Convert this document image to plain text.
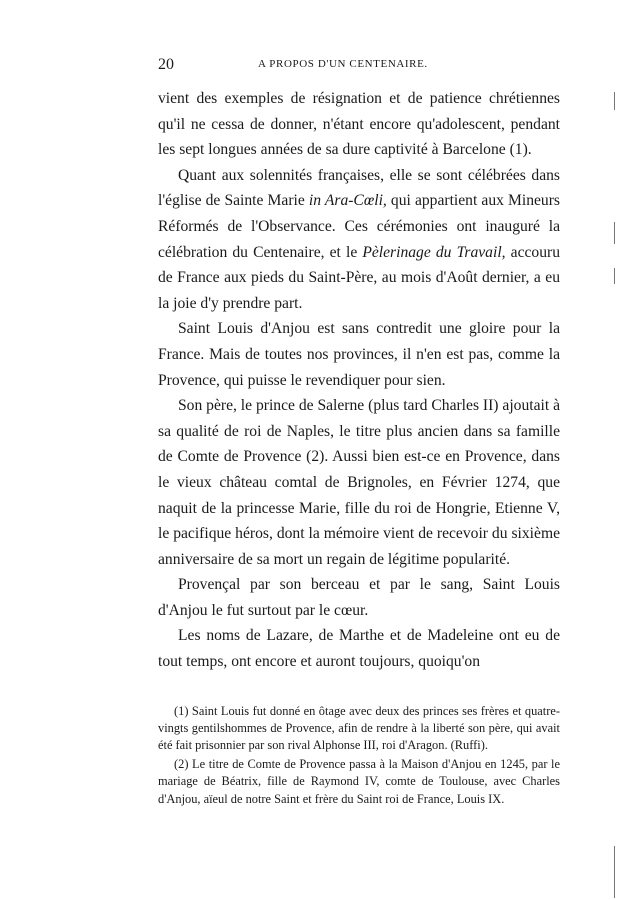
20	A PROPOS D'UN CENTENAIRE.

vient des exemples de résignation et de patience chrétiennes qu'il ne cessa de donner, n'étant encore qu'adolescent, pendant les sept longues années de sa dure captivité à Barcelone (1).

Quant aux solennités françaises, elle se sont célébrées dans l'église de Sainte Marie in Ara-Cœli, qui appartient aux Mineurs Réformés de l'Observance. Ces cérémonies ont inauguré la célébration du Centenaire, et le Pèlerinage du Travail, accouru de France aux pieds du Saint-Père, au mois d'Août dernier, a eu la joie d'y prendre part.

Saint Louis d'Anjou est sans contredit une gloire pour la France. Mais de toutes nos provinces, il n'en est pas, comme la Provence, qui puisse le revendiquer pour sien.

Son père, le prince de Salerne (plus tard Charles II) ajoutait à sa qualité de roi de Naples, le titre plus ancien dans sa famille de Comte de Provence (2). Aussi bien est-ce en Provence, dans le vieux château comtal de Brignoles, en Février 1274, que naquit de la princesse Marie, fille du roi de Hongrie, Etienne V, le pacifique héros, dont la mémoire vient de recevoir du sixième anniversaire de sa mort un regain de légitime popularité.

Provençal par son berceau et par le sang, Saint Louis d'Anjou le fut surtout par le cœur.

Les noms de Lazare, de Marthe et de Madeleine ont eu de tout temps, ont encore et auront toujours, quoiqu'on

(1) Saint Louis fut donné en ôtage avec deux des princes ses frères et quatre-vingts gentilshommes de Provence, afin de rendre à la liberté son père, qui avait été fait prisonnier par son rival Alphonse III, roi d'Aragon. (Ruffi).

(2) Le titre de Comte de Provence passa à la Maison d'Anjou en 1245, par le mariage de Béatrix, fille de Raymond IV, comte de Toulouse, avec Charles d'Anjou, aïeul de notre Saint et frère du Saint roi de France, Louis IX.
